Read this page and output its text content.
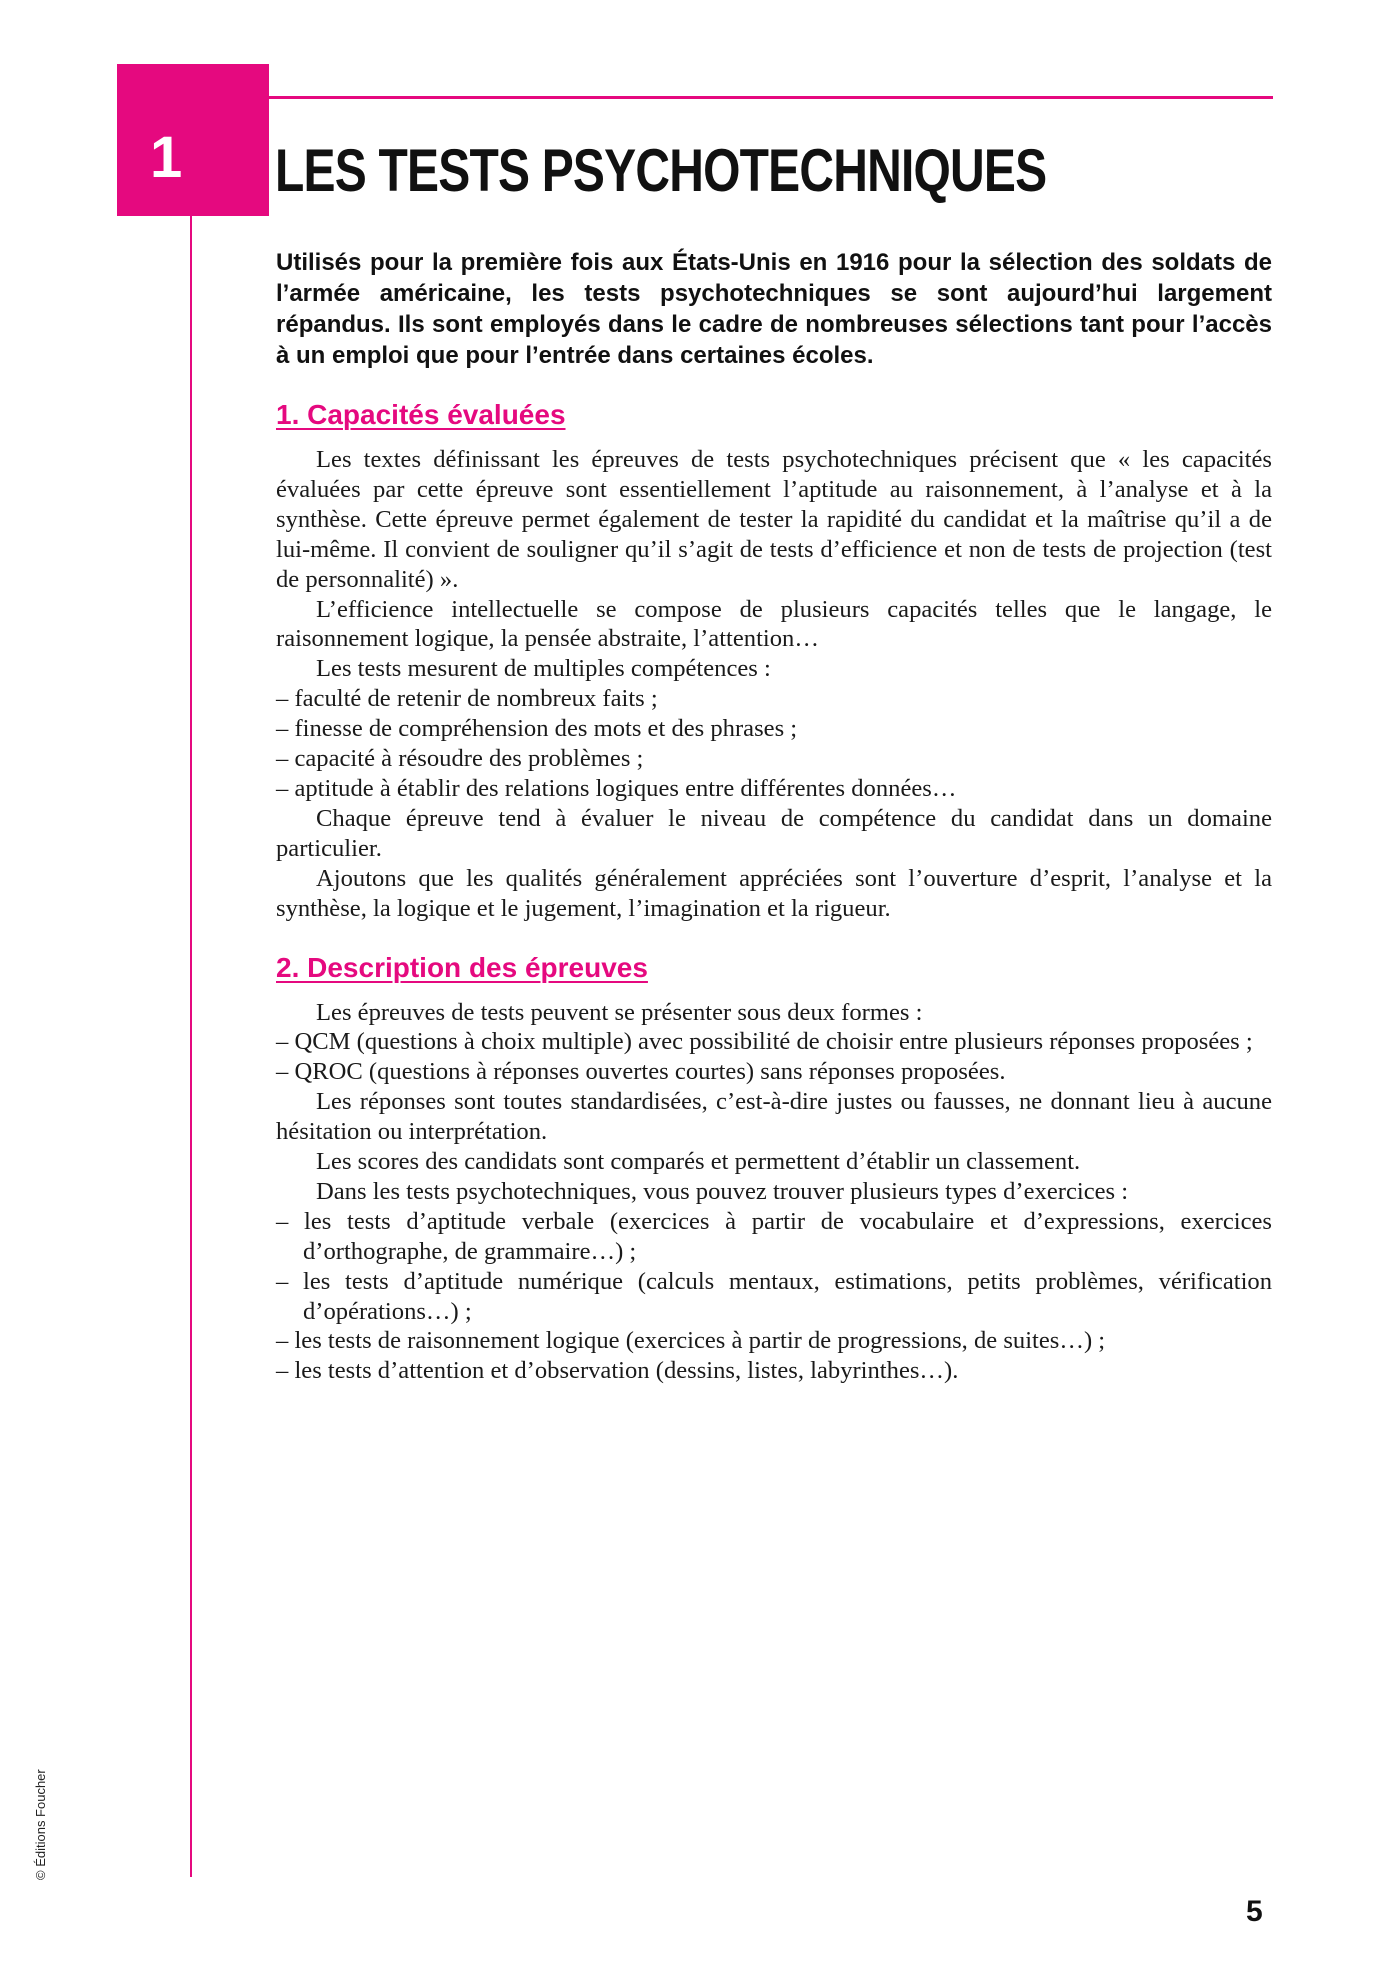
1 LES TESTS PSYCHOTECHNIQUES

Utilisés pour la première fois aux États-Unis en 1916 pour la sélection des soldats de l’armée américaine, les tests psychotechniques se sont aujourd’hui largement répandus. Ils sont employés dans le cadre de nombreuses sélections tant pour l’accès à un emploi que pour l’entrée dans certaines écoles.

1. Capacités évaluées

Les textes définissant les épreuves de tests psychotechniques précisent que « les capacités évaluées par cette épreuve sont essentiellement l’aptitude au raisonnement, à l’analyse et à la synthèse. Cette épreuve permet également de tester la rapidité du candidat et la maîtrise qu’il a de lui-même. Il convient de souligner qu’il s’agit de tests d’efficience et non de tests de projection (test de personnalité) ».

L’efficience intellectuelle se compose de plusieurs capacités telles que le langage, le raisonnement logique, la pensée abstraite, l’attention…

Les tests mesurent de multiples compétences :

– faculté de retenir de nombreux faits ;

– finesse de compréhension des mots et des phrases ;

– capacité à résoudre des problèmes ;

– aptitude à établir des relations logiques entre différentes données…

Chaque épreuve tend à évaluer le niveau de compétence du candidat dans un domaine particulier.

Ajoutons que les qualités généralement appréciées sont l’ouverture d’esprit, l’analyse et la synthèse, la logique et le jugement, l’imagination et la rigueur.

2. Description des épreuves

Les épreuves de tests peuvent se présenter sous deux formes :

– QCM (questions à choix multiple) avec possibilité de choisir entre plusieurs réponses proposées ;

– QROC (questions à réponses ouvertes courtes) sans réponses proposées.

Les réponses sont toutes standardisées, c’est-à-dire justes ou fausses, ne donnant lieu à aucune hésitation ou interprétation.

Les scores des candidats sont comparés et permettent d’établir un classement.

Dans les tests psychotechniques, vous pouvez trouver plusieurs types d’exercices :

– les tests d’aptitude verbale (exercices à partir de vocabulaire et d’expressions, exercices d’orthographe, de grammaire…) ;

– les tests d’aptitude numérique (calculs mentaux, estimations, petits problèmes, vérification d’opérations…) ;

– les tests de raisonnement logique (exercices à partir de progressions, de suites…) ;

– les tests d’attention et d’observation (dessins, listes, labyrinthes…).

© Éditions Foucher
5
